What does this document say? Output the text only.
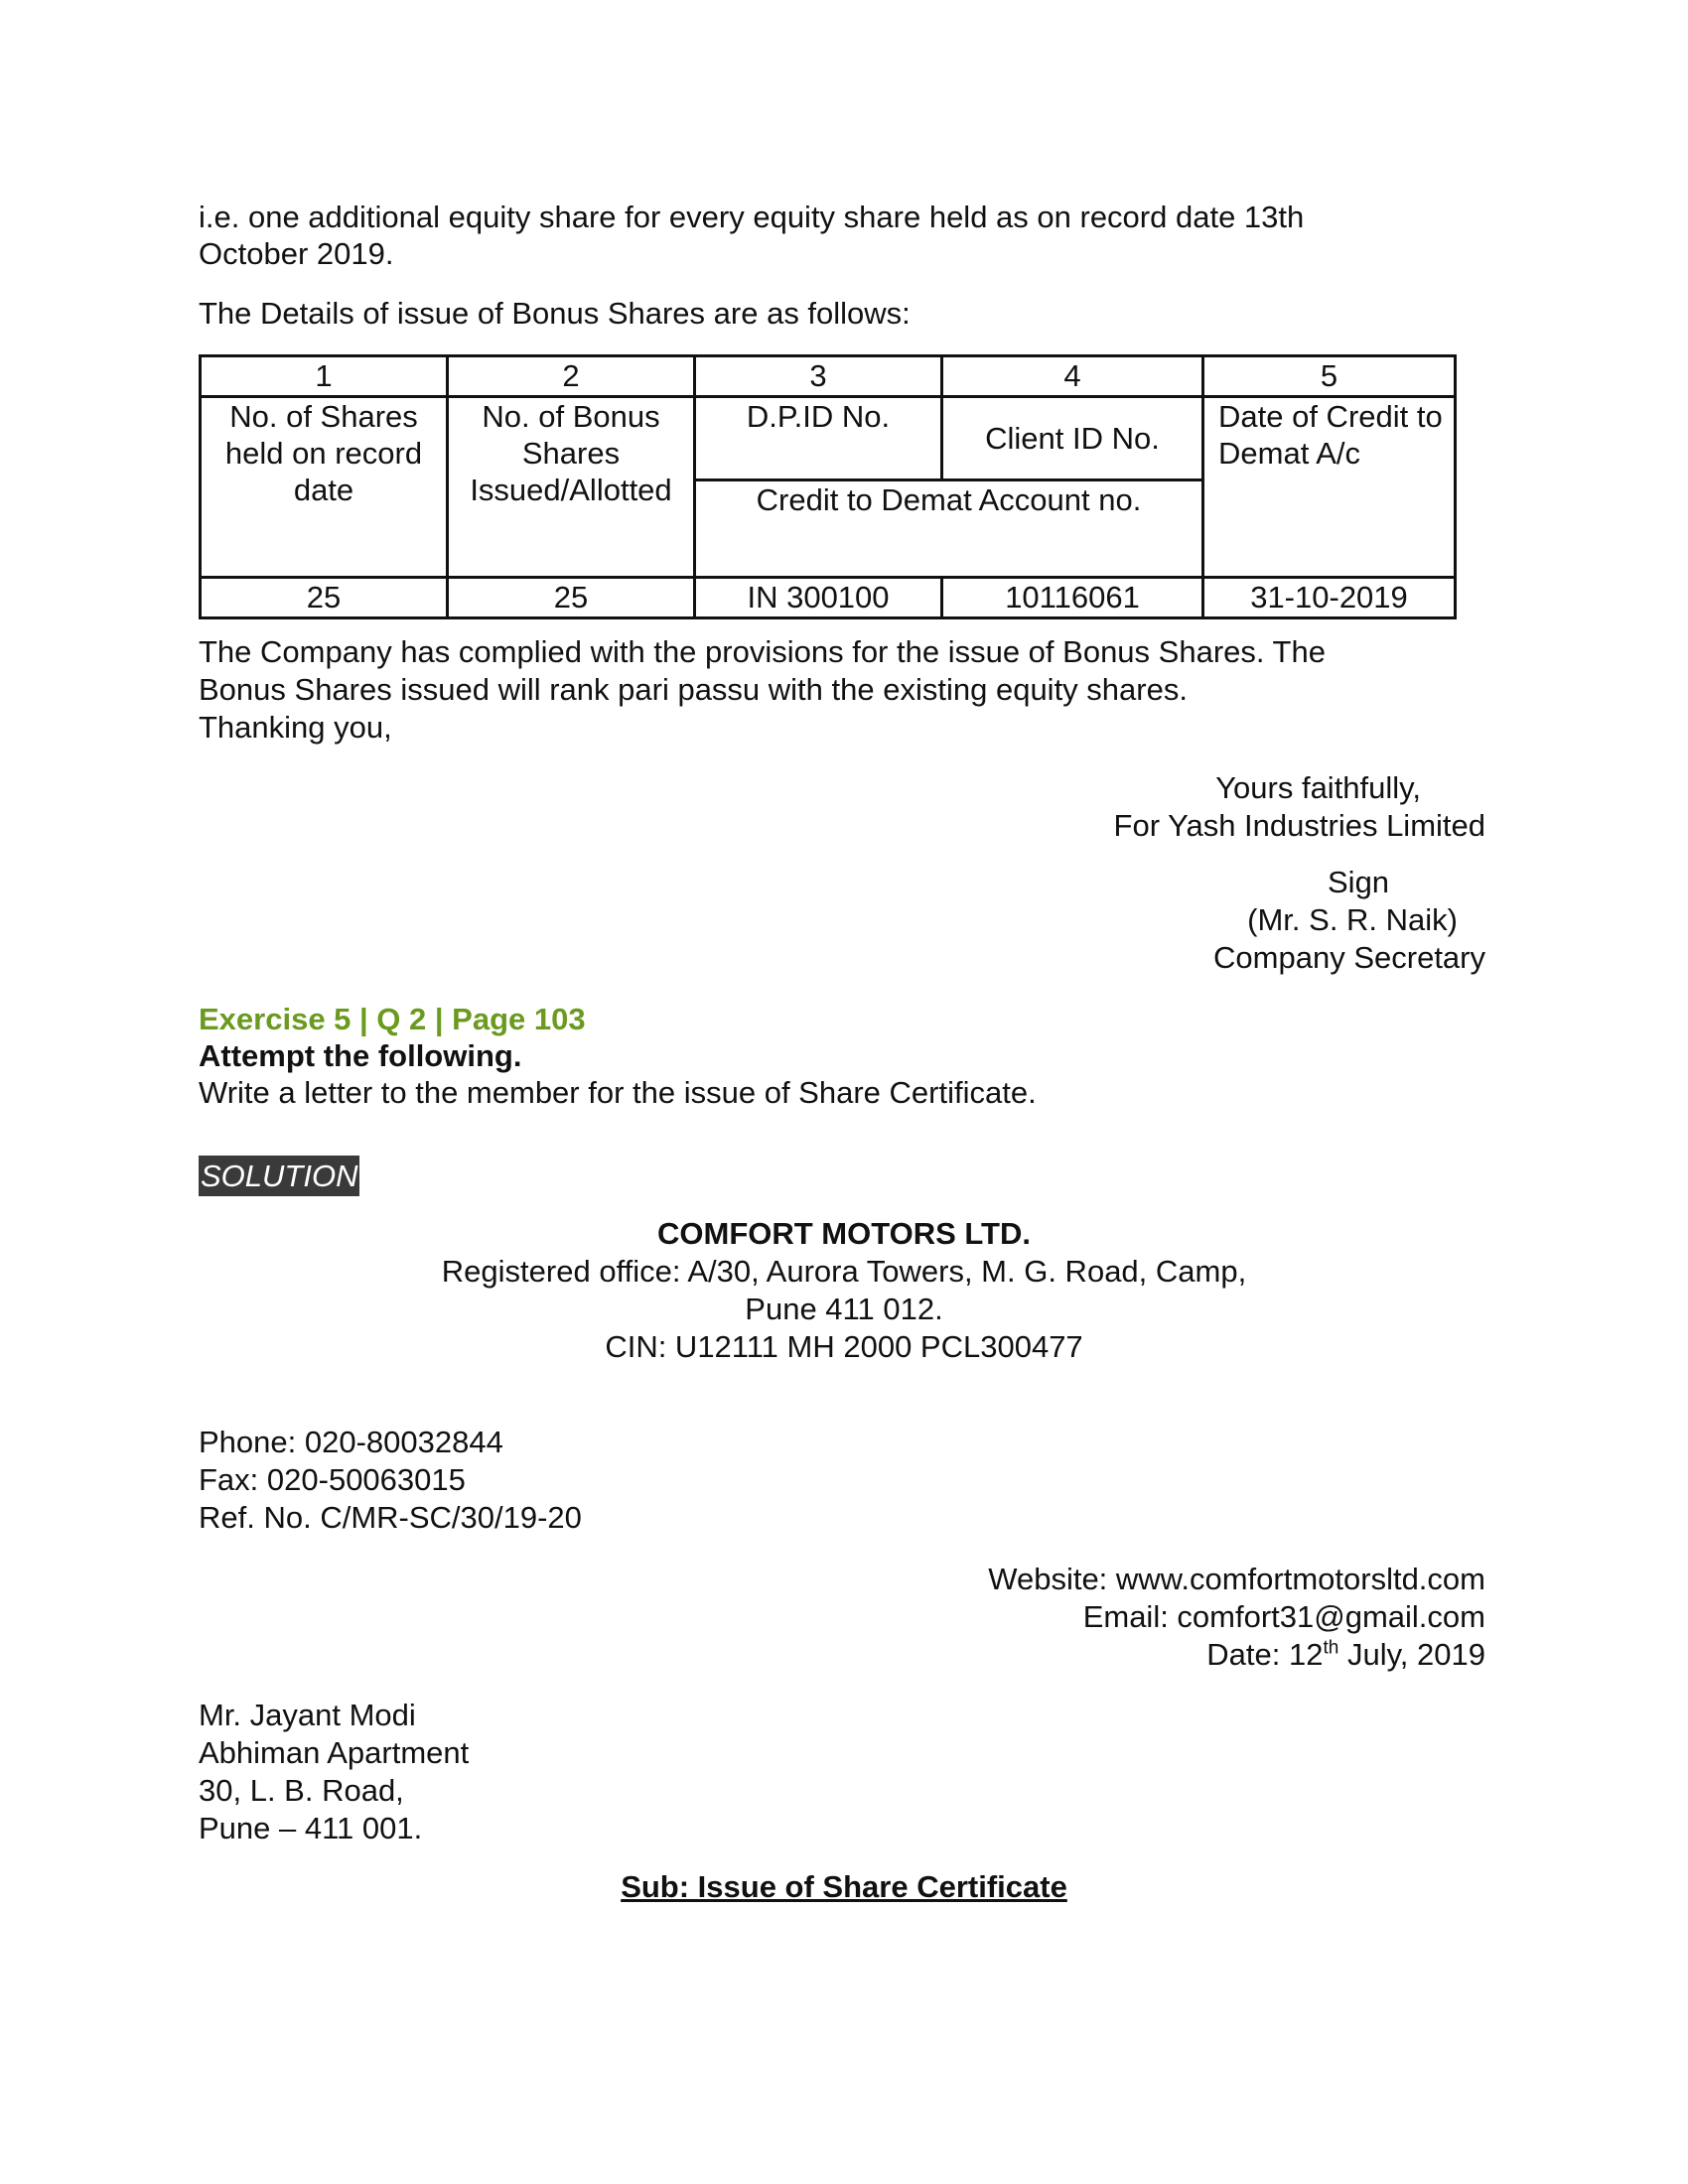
i.e. one additional equity share for every equity share held as on record date 13th
October 2019.
The Details of issue of Bonus Shares are as follows:
1	2	3	4	5
No. of Shares held on record date	No. of Bonus Shares Issued/Allotted	D.P.ID No.	Client ID No.	Date of Credit to Demat A/c
		Credit to Demat Account no.		
25	25	IN 300100	10116061	31-10-2019
The Company has complied with the provisions for the issue of Bonus Shares. The
Bonus Shares issued will rank pari passu with the existing equity shares.
Thanking you,
Yours faithfully,
For Yash Industries Limited
Sign
(Mr. S. R. Naik)
Company Secretary
Exercise 5 | Q 2 | Page 103
Attempt the following.
Write a letter to the member for the issue of Share Certificate.
SOLUTION
COMFORT MOTORS LTD.
Registered office: A/30, Aurora Towers, M. G. Road, Camp,
Pune 411 012.
CIN: U12111 MH 2000 PCL300477
Phone: 020-80032844
Fax: 020-50063015
Ref. No. C/MR-SC/30/19-20
Website: www.comfortmotorsltd.com
Email: comfort31@gmail.com
Date: 12th July, 2019
Mr. Jayant Modi
Abhiman Apartment
30, L. B. Road,
Pune – 411 001.
Sub: Issue of Share Certificate
